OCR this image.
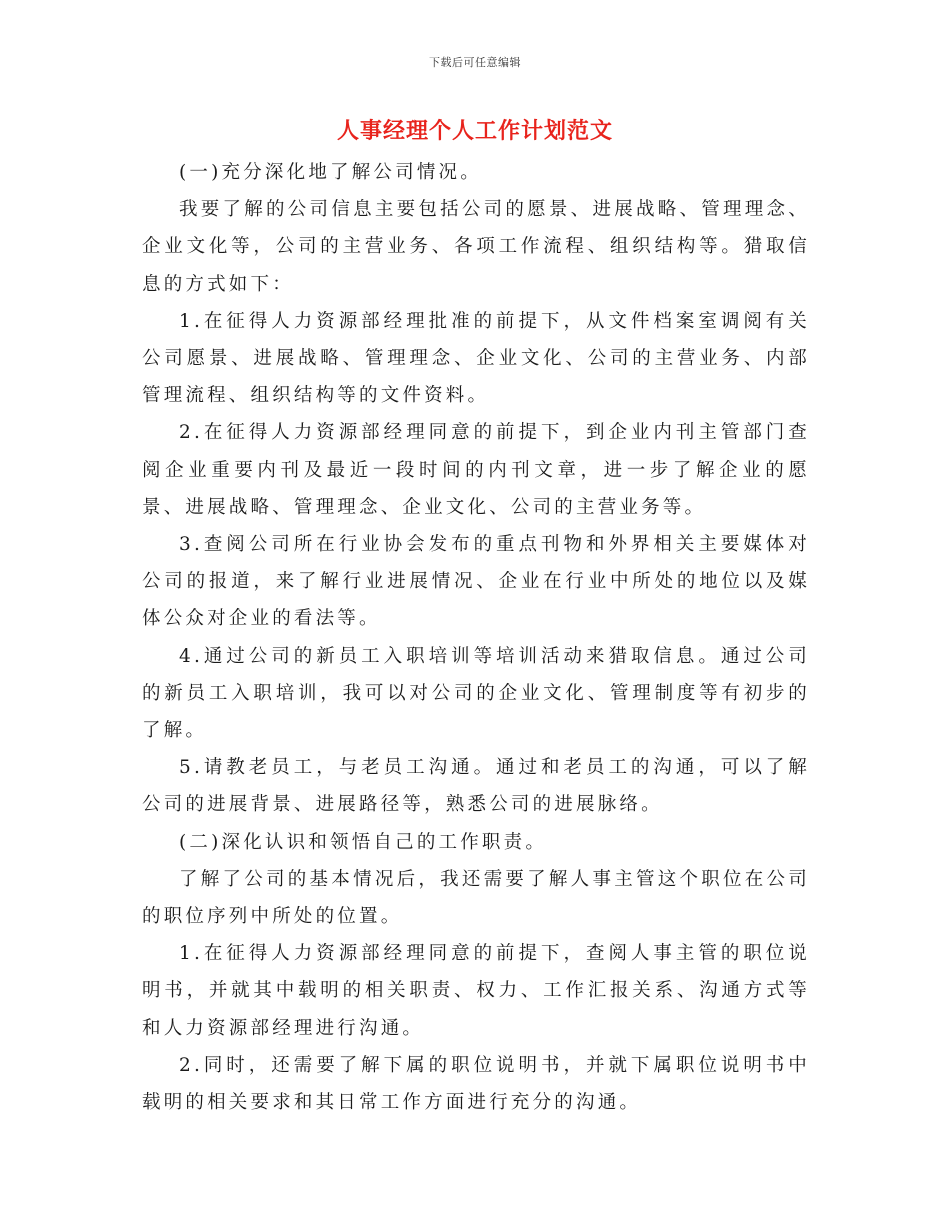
下载后可任意编辑
人事经理个人工作计划范文

(一)充分深化地了解公司情况。

我要了解的公司信息主要包括公司的愿景、进展战略、管理理念、企业文化等，公司的主营业务、各项工作流程、组织结构等。猎取信息的方式如下：

1.在征得人力资源部经理批准的前提下，从文件档案室调阅有关公司愿景、进展战略、管理理念、企业文化、公司的主营业务、内部管理流程、组织结构等的文件资料。

2.在征得人力资源部经理同意的前提下，到企业内刊主管部门查阅企业重要内刊及最近一段时间的内刊文章，进一步了解企业的愿景、进展战略、管理理念、企业文化、公司的主营业务等。

3.查阅公司所在行业协会发布的重点刊物和外界相关主要媒体对公司的报道，来了解行业进展情况、企业在行业中所处的地位以及媒体公众对企业的看法等。

4.通过公司的新员工入职培训等培训活动来猎取信息。通过公司的新员工入职培训，我可以对公司的企业文化、管理制度等有初步的了解。

5.请教老员工，与老员工沟通。通过和老员工的沟通，可以了解公司的进展背景、进展路径等，熟悉公司的进展脉络。

(二)深化认识和领悟自己的工作职责。

了解了公司的基本情况后，我还需要了解人事主管这个职位在公司的职位序列中所处的位置。

1.在征得人力资源部经理同意的前提下，查阅人事主管的职位说明书，并就其中载明的相关职责、权力、工作汇报关系、沟通方式等和人力资源部经理进行沟通。

2.同时，还需要了解下属的职位说明书，并就下属职位说明书中载明的相关要求和其日常工作方面进行充分的沟通。
